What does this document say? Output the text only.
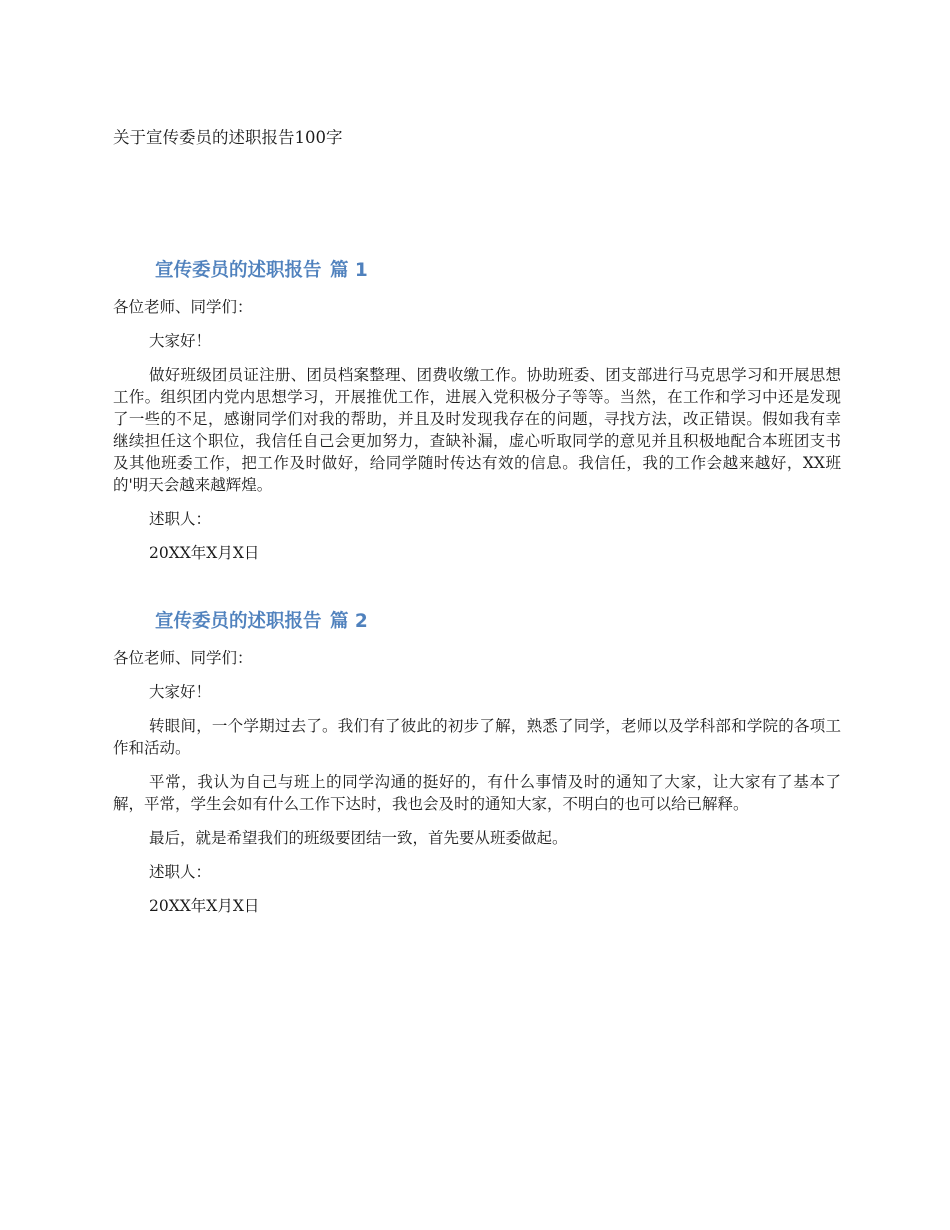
关于宣传委员的述职报告100字

宣传委员的述职报告 篇 1

各位老师、同学们：

大家好！

做好班级团员证注册、团员档案整理、团费收缴工作。协助班委、团支部进行马克思学习和开展思想工作。组织团内党内思想学习，开展推优工作，进展入党积极分子等等。当然，在工作和学习中还是发现了一些的不足，感谢同学们对我的帮助，并且及时发现我存在的问题，寻找方法，改正错误。假如我有幸继续担任这个职位，我信任自己会更加努力，查缺补漏，虚心听取同学的意见并且积极地配合本班团支书及其他班委工作，把工作及时做好，给同学随时传达有效的信息。我信任，我的工作会越来越好，XX班的'明天会越来越辉煌。

述职人：

20XX年X月X日

宣传委员的述职报告 篇 2

各位老师、同学们：

大家好！

转眼间，一个学期过去了。我们有了彼此的初步了解，熟悉了同学，老师以及学科部和学院的各项工作和活动。

平常，我认为自己与班上的同学沟通的挺好的，有什么事情及时的通知了大家，让大家有了基本了解，平常，学生会如有什么工作下达时，我也会及时的通知大家，不明白的也可以给已解释。

最后，就是希望我们的班级要团结一致，首先要从班委做起。

述职人：

20XX年X月X日
